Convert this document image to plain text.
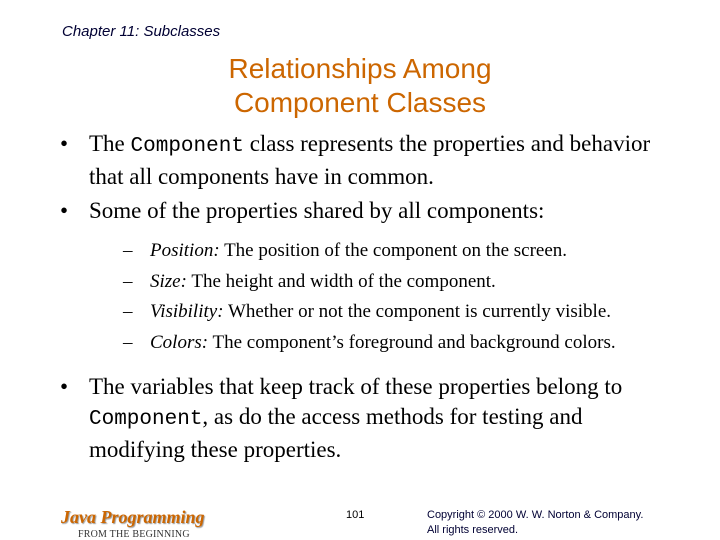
Chapter 11: Subclasses
Relationships Among
Component Classes
• The Component class represents the properties and behavior that all components have in common.
• Some of the properties shared by all components:
– Position: The position of the component on the screen.
– Size: The height and width of the component.
– Visibility: Whether or not the component is currently visible.
– Colors: The component’s foreground and background colors.
• The variables that keep track of these properties belong to Component, as do the access methods for testing and modifying these properties.
Java Programming
FROM THE BEGINNING
101	Copyright © 2000 W. W. Norton & Company.
All rights reserved.
